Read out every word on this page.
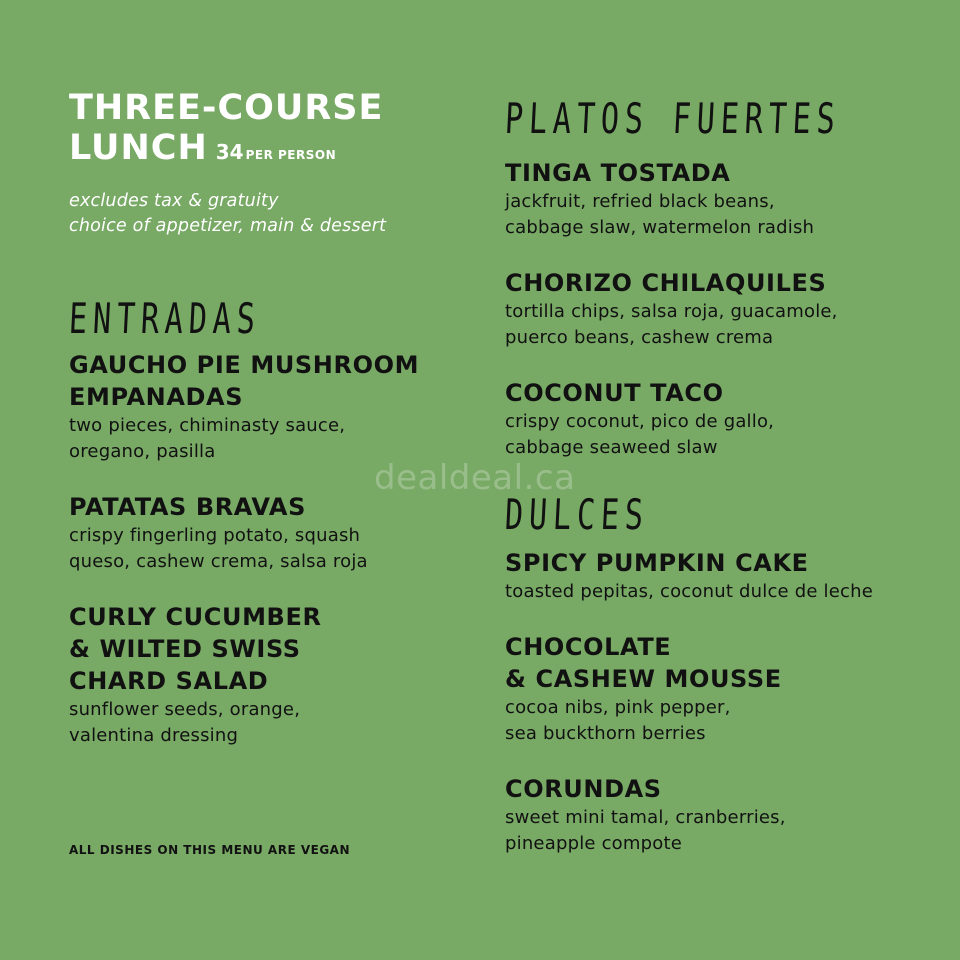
THREE-COURSE
LUNCH 34 PER PERSON
excludes tax & gratuity
choice of appetizer, main & dessert
ENTRADAS
GAUCHO PIE MUSHROOM
EMPANADAS
two pieces, chiminasty sauce,
oregano, pasilla
PATATAS BRAVAS
crispy fingerling potato, squash
queso, cashew crema, salsa roja
CURLY CUCUMBER
& WILTED SWISS
CHARD SALAD
sunflower seeds, orange,
valentina dressing
PLATOS FUERTES
TINGA TOSTADA
jackfruit, refried black beans,
cabbage slaw, watermelon radish
CHORIZO CHILAQUILES
tortilla chips, salsa roja, guacamole,
puerco beans, cashew crema
COCONUT TACO
crispy coconut, pico de gallo,
cabbage seaweed slaw
DULCES
SPICY PUMPKIN CAKE
toasted pepitas, coconut dulce de leche
CHOCOLATE
& CASHEW MOUSSE
cocoa nibs, pink pepper,
sea buckthorn berries
CORUNDAS
sweet mini tamal, cranberries,
pineapple compote
ALL DISHES ON THIS MENU ARE VEGAN
dealdeal.ca
